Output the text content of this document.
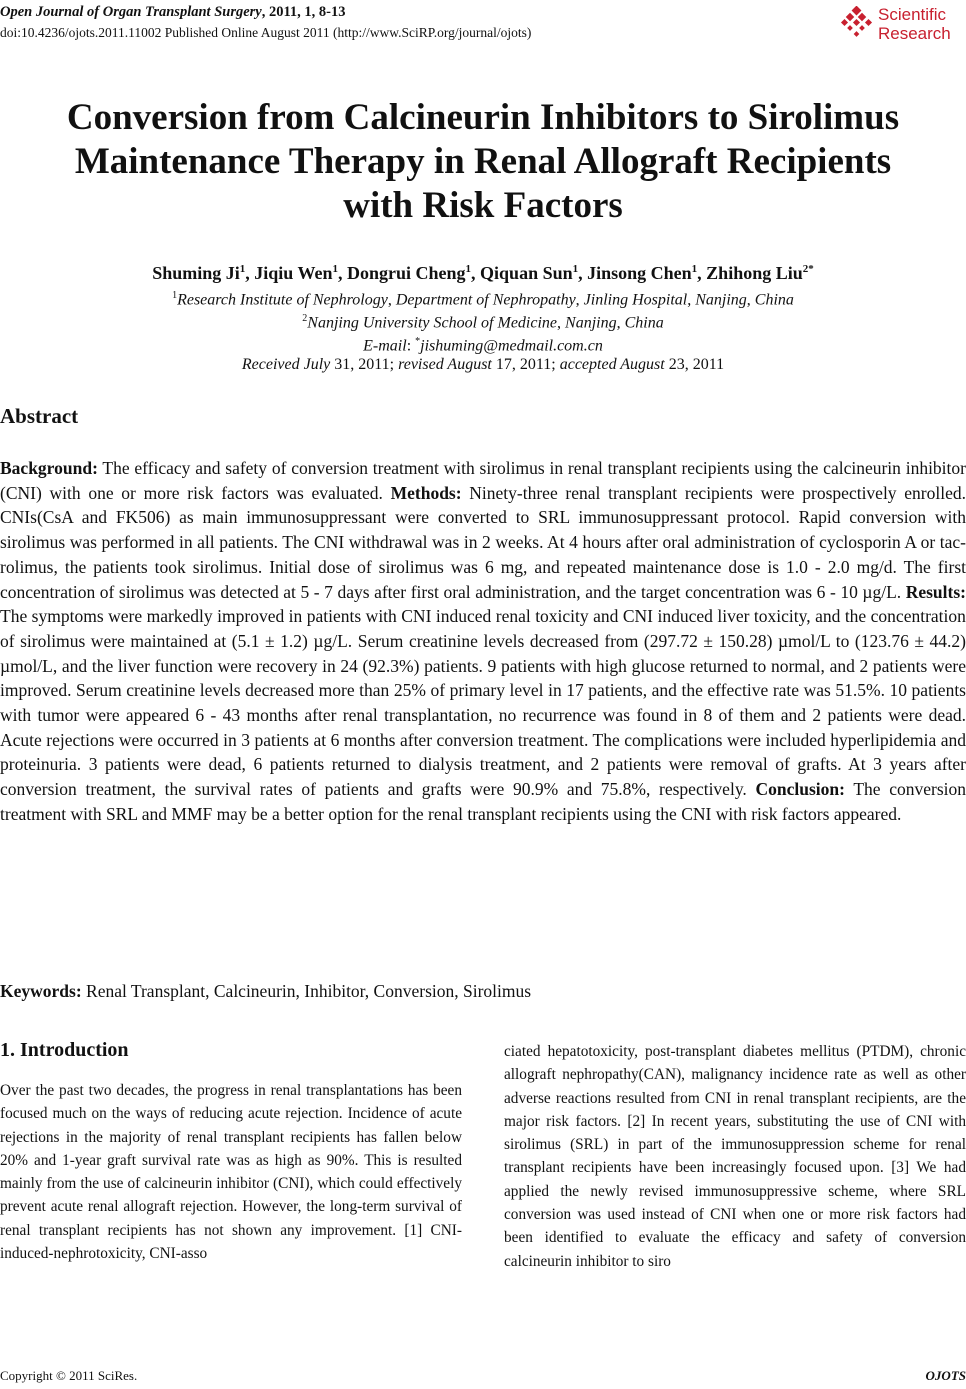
Open Journal of Organ Transplant Surgery, 2011, 1, 8-13
doi:10.4236/ojots.2011.11002 Published Online August 2011 (http://www.SciRP.org/journal/ojots)
Scientific
Research
Conversion from Calcineurin Inhibitors to Sirolimus
Maintenance Therapy in Renal Allograft Recipients
with Risk Factors
Shuming Ji$^1$, Jiqiu Wen$^1$, Dongrui Cheng$^1$, Qiquan Sun$^1$, Jinsong Chen$^1$, Zhihong Liu$^{2*}$
$^1$Research Institute of Nephrology, Department of Nephropathy, Jinling Hospital, Nanjing, China
$^2$Nanjing University School of Medicine, Nanjing, China
E-mail: *jishuming@medmail.com.cn
Received July 31, 2011; revised August 17, 2011; accepted August 23, 2011
Abstract

Background: The efficacy and safety of conversion treatment with sirolimus in renal transplant recipients using the calcineurin inhibitor (CNI) with one or more risk factors was evaluated. Methods: Ninety-three renal transplant recipients were prospectively enrolled. CNIs(CsA and FK506) as main immunosuppressant were converted to SRL immunosuppressant protocol. Rapid conversion with sirolimus was performed in all patients. The CNI withdrawal was in 2 weeks. At 4 hours after oral administration of cyclosporin A or tacrolimus, the patients took sirolimus. Initial dose of sirolimus was 6 mg, and repeated maintenance dose is 1.0 - 2.0 mg/d. The first concentration of sirolimus was detected at 5 - 7 days after first oral administration, and the target concentration was 6 - 10 µg/L. Results: The symptoms were markedly improved in patients with CNI induced renal toxicity and CNI induced liver toxicity, and the concentration of sirolimus were maintained at (5.1 ± 1.2) µg/L. Serum creatinine levels decreased from (297.72 ± 150.28) µmol/L to (123.76 ± 44.2) µmol/L, and the liver function were recovery in 24 (92.3%) patients. 9 patients with high glucose returned to normal, and 2 patients were improved. Serum creatinine levels decreased more than 25% of primary level in 17 patients, and the effective rate was 51.5%. 10 patients with tumor were appeared 6 - 43 months after renal transplantation, no recurrence was found in 8 of them and 2 patients were dead. Acute rejections were occurred in 3 patients at 6 months after conversion treatment. The complications were included hyperlipidemia and proteinuria. 3 patients were dead, 6 patients returned to dialysis treatment, and 2 patients were removal of grafts. At 3 years after conversion treatment, the survival rates of patients and grafts were 90.9% and 75.8%, respectively. Conclusion: The conversion treatment with SRL and MMF may be a better option for the renal transplant recipients using the CNI with risk factors appeared.

Keywords: Renal Transplant, Calcineurin, Inhibitor, Conversion, Sirolimus
1. Introduction

Over the past two decades, the progress in renal transplantations has been focused much on the ways of reducing acute rejection. Incidence of acute rejections in the majority of renal transplant recipients has fallen below 20% and 1-year graft survival rate was as high as 90%. This is resulted mainly from the use of calcineurin inhibitor (CNI), which could effectively prevent acute renal allograft rejection. However, the long-term survival of renal transplant recipients has not shown any improvement. [1] CNI-induced-nephrotoxicity, CNI-asso

ciated hepatotoxicity, post-transplant diabetes mellitus (PTDM), chronic allograft nephropathy(CAN), malignancy incidence rate as well as other adverse reactions resulted from CNI in renal transplant recipients, are the major risk factors. [2] In recent years, substituting the use of CNI with sirolimus (SRL) in part of the immunosuppression scheme for renal transplant recipients have been increasingly focused upon. [3] We had applied the newly revised immunosuppressive scheme, where SRL conversion was used instead of CNI when one or more risk factors had been identified to evaluate the efficacy and safety of conversion calcineurin inhibitor to siro

Copyright © 2011 SciRes.	OJOTS
